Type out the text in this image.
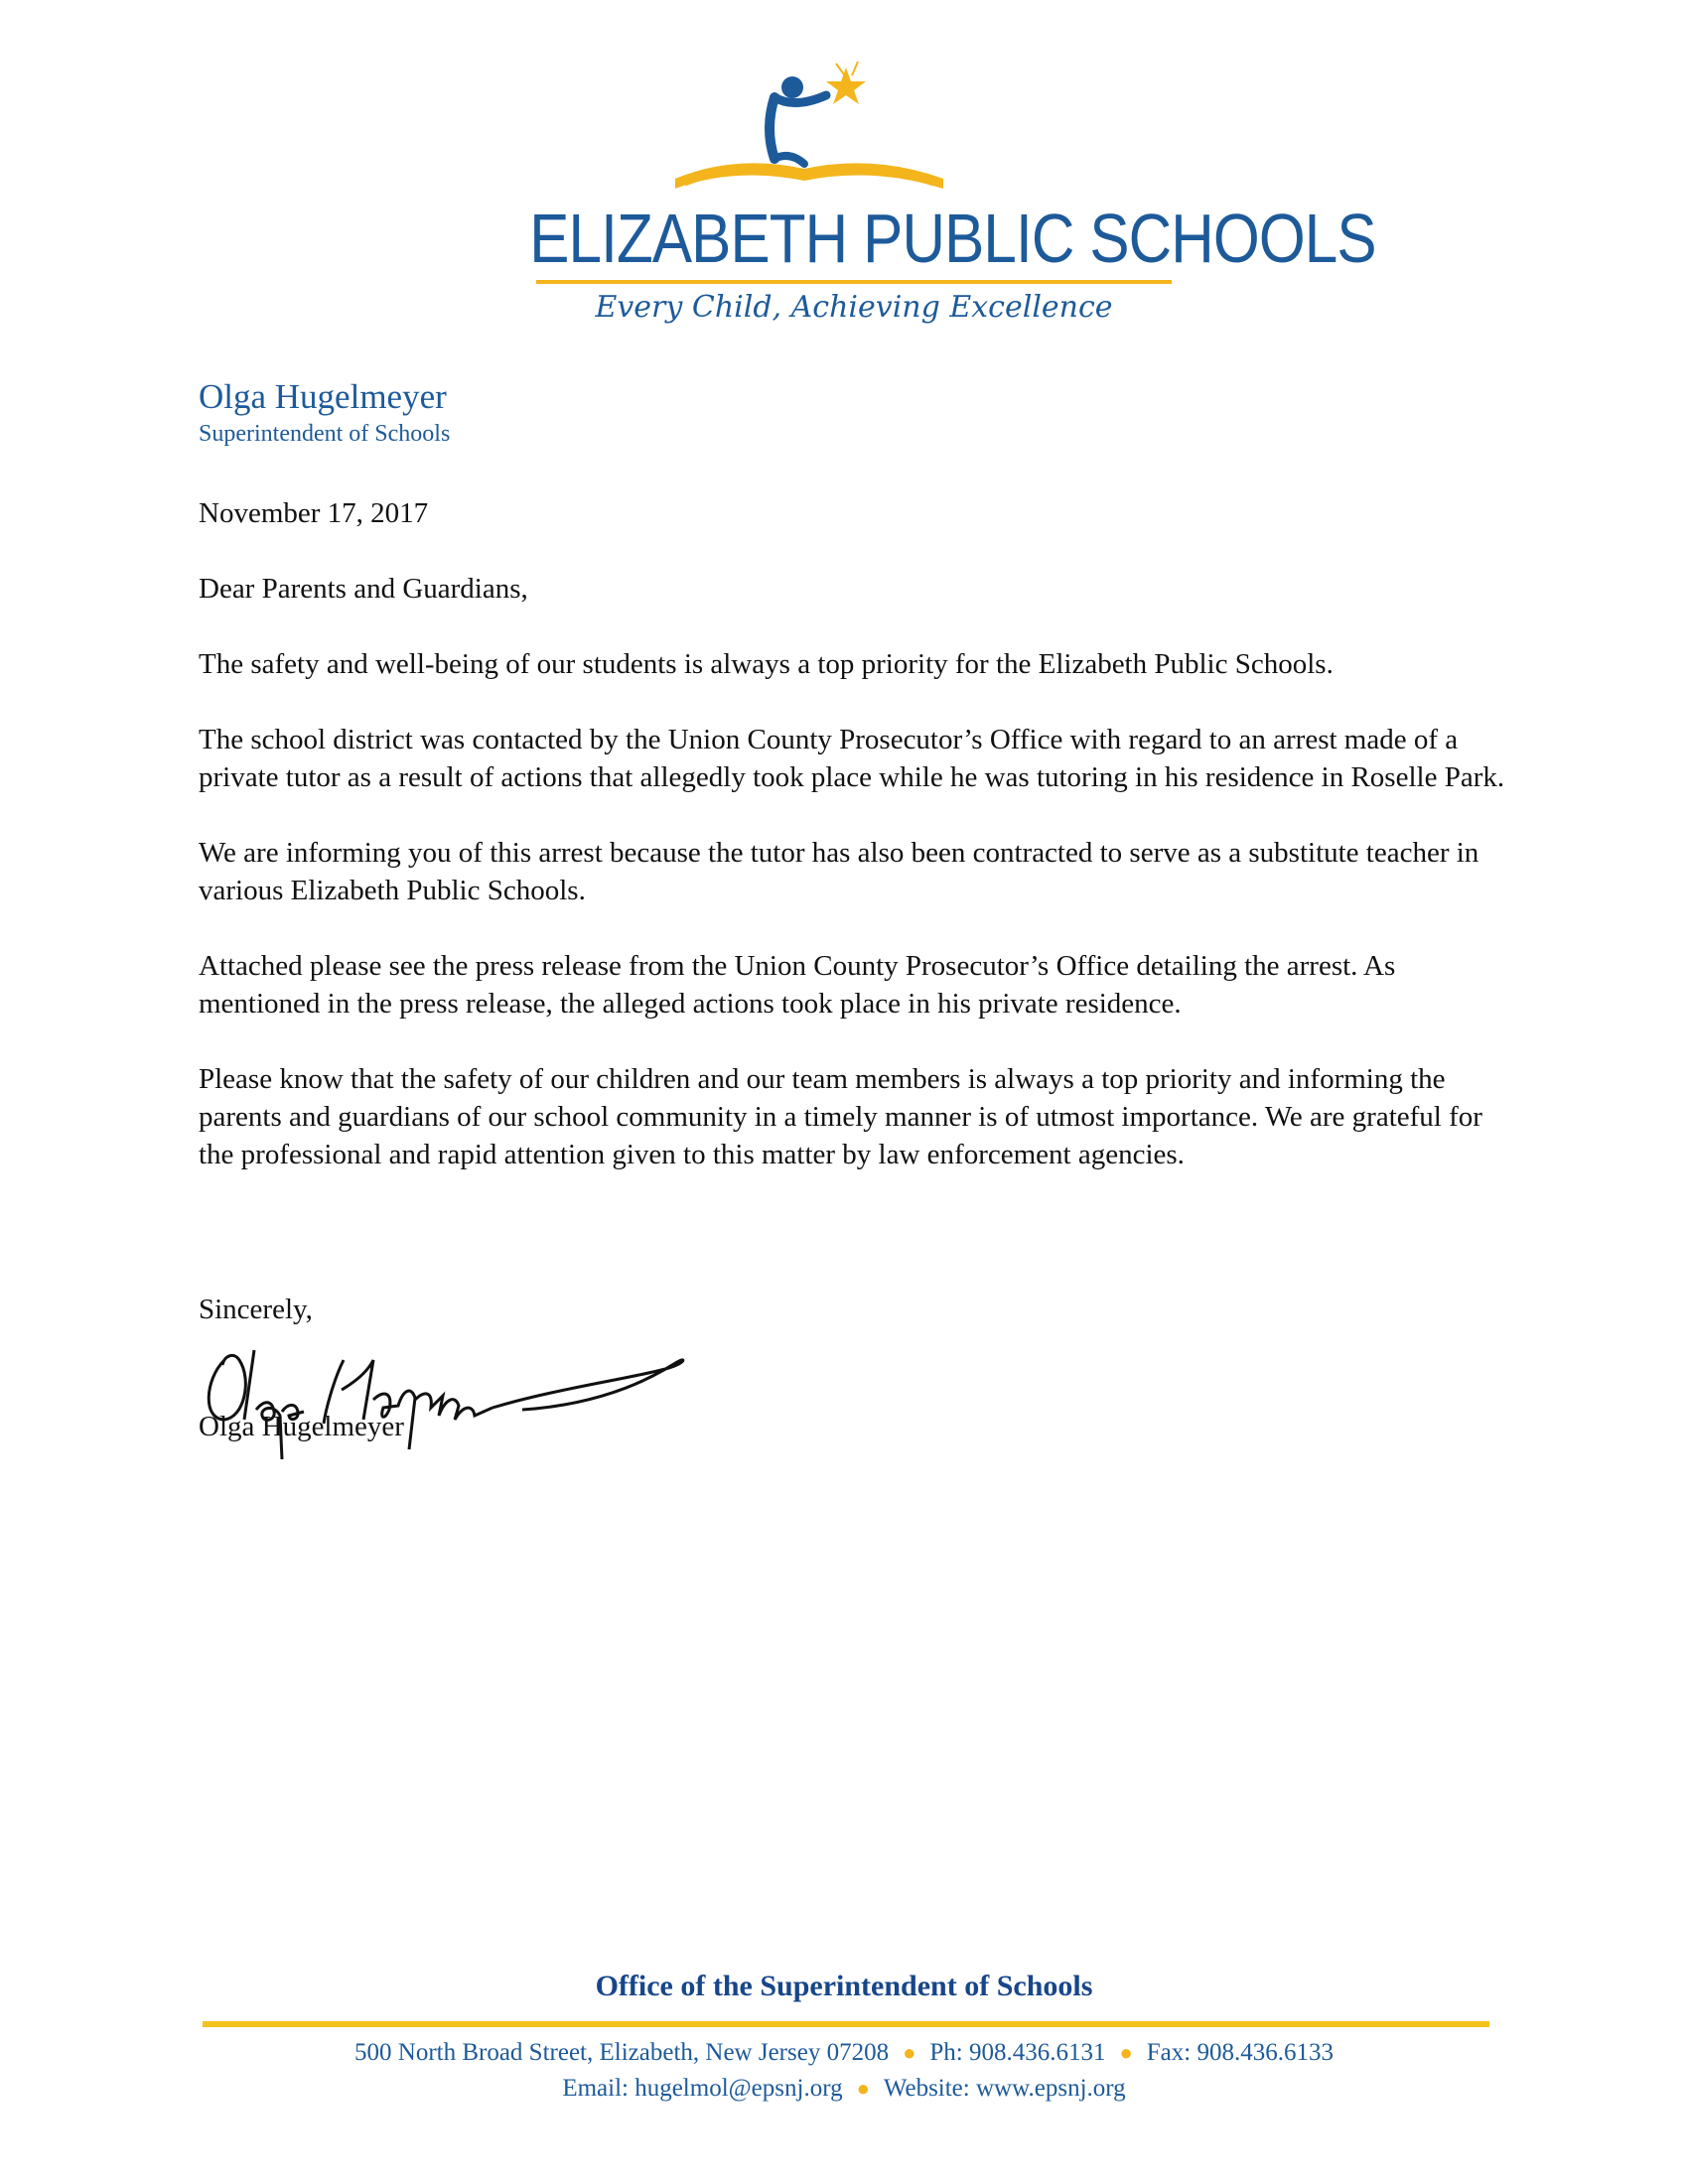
ELIZABETH PUBLIC SCHOOLS
Every Child, Achieving Excellence
Olga Hugelmeyer
Superintendent of Schools

November 17, 2017

Dear Parents and Guardians,

The safety and well-being of our students is always a top priority for the Elizabeth Public Schools.

The school district was contacted by the Union County Prosecutor’s Office with regard to an arrest made of a private tutor as a result of actions that allegedly took place while he was tutoring in his residence in Roselle Park.

We are informing you of this arrest because the tutor has also been contracted to serve as a substitute teacher in various Elizabeth Public Schools.

Attached please see the press release from the Union County Prosecutor’s Office detailing the arrest. As mentioned in the press release, the alleged actions took place in his private residence.

Please know that the safety of our children and our team members is always a top priority and informing the parents and guardians of our school community in a timely manner is of utmost importance. We are grateful for the professional and rapid attention given to this matter by law enforcement agencies.

Sincerely,
Olga Hugelmeyer
Office of the Superintendent of Schools
500 North Broad Street, Elizabeth, New Jersey 07208 ● Ph: 908.436.6131 ● Fax: 908.436.6133
Email: hugelmol@epsnj.org ● Website: www.epsnj.org
